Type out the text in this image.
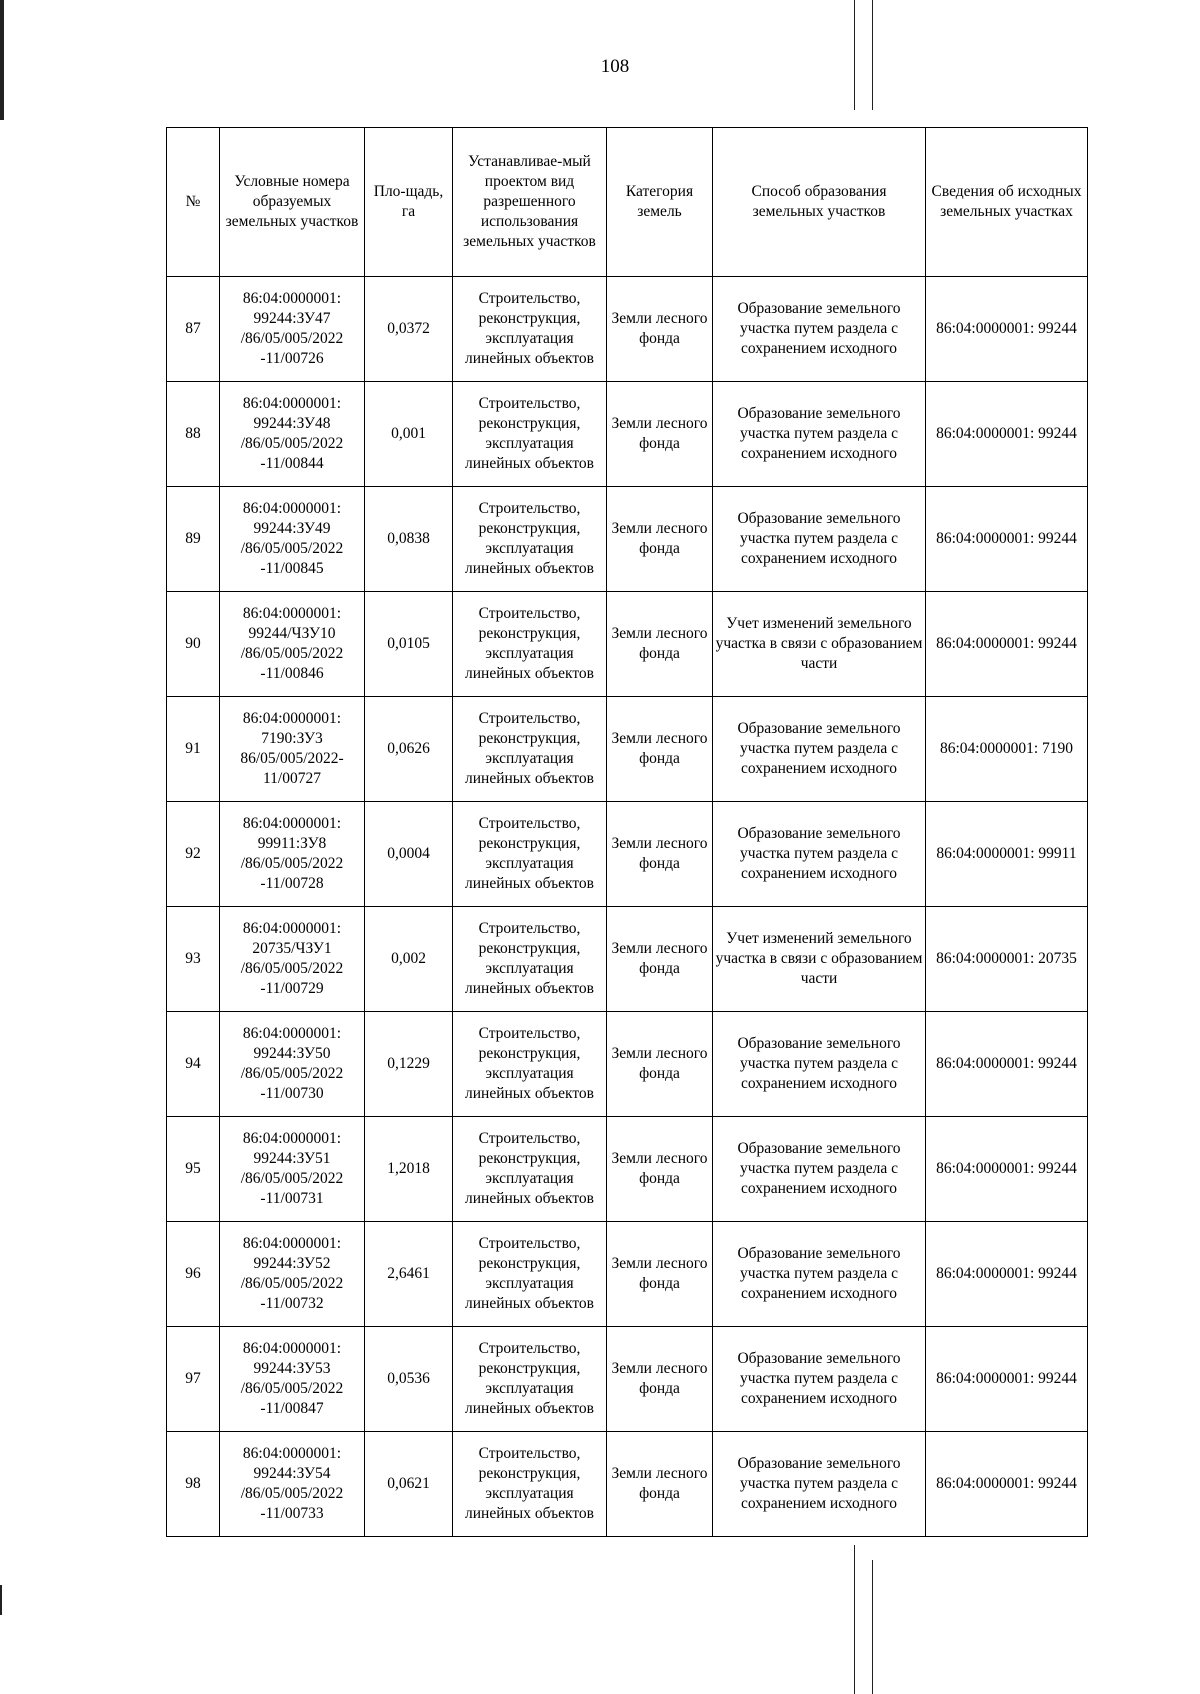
108
№	Условные номера образуемых земельных участков	Пло-щадь, га	Устанавливае-мый проектом вид разрешенного использования земельных участков	Категория земель	Способ образования земельных участков	Сведения об исходных земельных участках
87	86:04:0000001: 99244:ЗУ47 /86/05/005/2022 -11/00726	0,0372	Строительство, реконструкция, эксплуатация линейных объектов	Земли лесного фонда	Образование земельного участка путем раздела с сохранением исходного	86:04:0000001: 99244
88	86:04:0000001: 99244:ЗУ48 /86/05/005/2022 -11/00844	0,001	Строительство, реконструкция, эксплуатация линейных объектов	Земли лесного фонда	Образование земельного участка путем раздела с сохранением исходного	86:04:0000001: 99244
89	86:04:0000001: 99244:ЗУ49 /86/05/005/2022 -11/00845	0,0838	Строительство, реконструкция, эксплуатация линейных объектов	Земли лесного фонда	Образование земельного участка путем раздела с сохранением исходного	86:04:0000001: 99244
90	86:04:0000001: 99244/ЧЗУ10 /86/05/005/2022 -11/00846	0,0105	Строительство, реконструкция, эксплуатация линейных объектов	Земли лесного фонда	Учет изменений земельного участка в связи с образованием части	86:04:0000001: 99244
91	86:04:0000001: 7190:ЗУ3 86/05/005/2022- 11/00727	0,0626	Строительство, реконструкция, эксплуатация линейных объектов	Земли лесного фонда	Образование земельного участка путем раздела с сохранением исходного	86:04:0000001: 7190
92	86:04:0000001: 99911:ЗУ8 /86/05/005/2022 -11/00728	0,0004	Строительство, реконструкция, эксплуатация линейных объектов	Земли лесного фонда	Образование земельного участка путем раздела с сохранением исходного	86:04:0000001: 99911
93	86:04:0000001: 20735/ЧЗУ1 /86/05/005/2022 -11/00729	0,002	Строительство, реконструкция, эксплуатация линейных объектов	Земли лесного фонда	Учет изменений земельного участка в связи с образованием части	86:04:0000001: 20735
94	86:04:0000001: 99244:ЗУ50 /86/05/005/2022 -11/00730	0,1229	Строительство, реконструкция, эксплуатация линейных объектов	Земли лесного фонда	Образование земельного участка путем раздела с сохранением исходного	86:04:0000001: 99244
95	86:04:0000001: 99244:ЗУ51 /86/05/005/2022 -11/00731	1,2018	Строительство, реконструкция, эксплуатация линейных объектов	Земли лесного фонда	Образование земельного участка путем раздела с сохранением исходного	86:04:0000001: 99244
96	86:04:0000001: 99244:ЗУ52 /86/05/005/2022 -11/00732	2,6461	Строительство, реконструкция, эксплуатация линейных объектов	Земли лесного фонда	Образование земельного участка путем раздела с сохранением исходного	86:04:0000001: 99244
97	86:04:0000001: 99244:ЗУ53 /86/05/005/2022 -11/00847	0,0536	Строительство, реконструкция, эксплуатация линейных объектов	Земли лесного фонда	Образование земельного участка путем раздела с сохранением исходного	86:04:0000001: 99244
98	86:04:0000001: 99244:ЗУ54 /86/05/005/2022 -11/00733	0,0621	Строительство, реконструкция, эксплуатация линейных объектов	Земли лесного фонда	Образование земельного участка путем раздела с сохранением исходного	86:04:0000001: 99244
